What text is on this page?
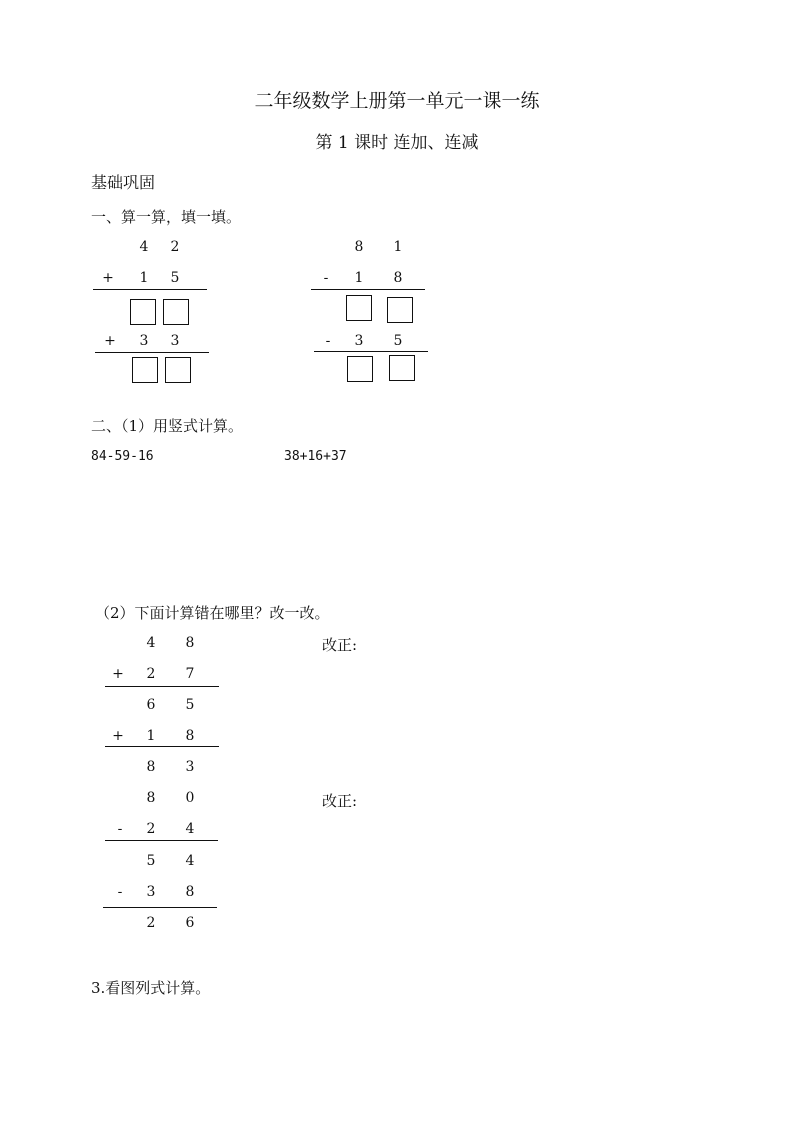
二年级数学上册第一单元一课一练
第 1 课时 连加、连减
基础巩固
一、算一算，填一填。
4	2
+	1	5
+	3	3
8	1
-	1	8
-	3	5
二、（1）用竖式计算。
84-59-16	38+16+37
（2）下面计算错在哪里？改一改。
4	8
+	2	7
6	5
+	1	8
8	3
改正:
8	0
-	2	4
5	4
-	3	8
2	6
改正:
3.看图列式计算。
